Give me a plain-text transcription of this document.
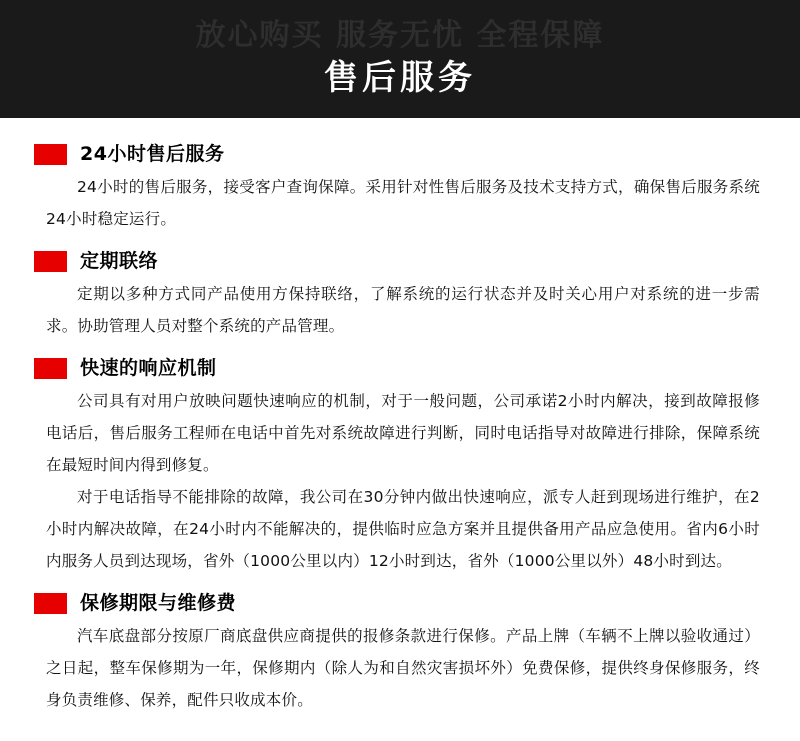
放心购买 服务无忧 全程保障
售后服务
24小时售后服务

24小时的售后服务，接受客户查询保障。采用针对性售后服务及技术支持方式，确保售后服务系统24小时稳定运行。

定期联络

定期以多种方式同产品使用方保持联络，了解系统的运行状态并及时关心用户对系统的进一步需求。协助管理人员对整个系统的产品管理。

快速的响应机制

公司具有对用户放映问题快速响应的机制，对于一般问题，公司承诺2小时内解决，接到故障报修电话后，售后服务工程师在电话中首先对系统故障进行判断，同时电话指导对故障进行排除，保障系统在最短时间内得到修复。

对于电话指导不能排除的故障，我公司在30分钟内做出快速响应，派专人赶到现场进行维护，在2小时内解决故障，在24小时内不能解决的，提供临时应急方案并且提供备用产品应急使用。省内6小时内服务人员到达现场，省外（1000公里以内）12小时到达，省外（1000公里以外）48小时到达。

保修期限与维修费

汽车底盘部分按原厂商底盘供应商提供的报修条款进行保修。产品上牌（车辆不上牌以验收通过）之日起，整车保修期为一年，保修期内（除人为和自然灾害损坏外）免费保修，提供终身保修服务，终身负责维修、保养，配件只收成本价。
